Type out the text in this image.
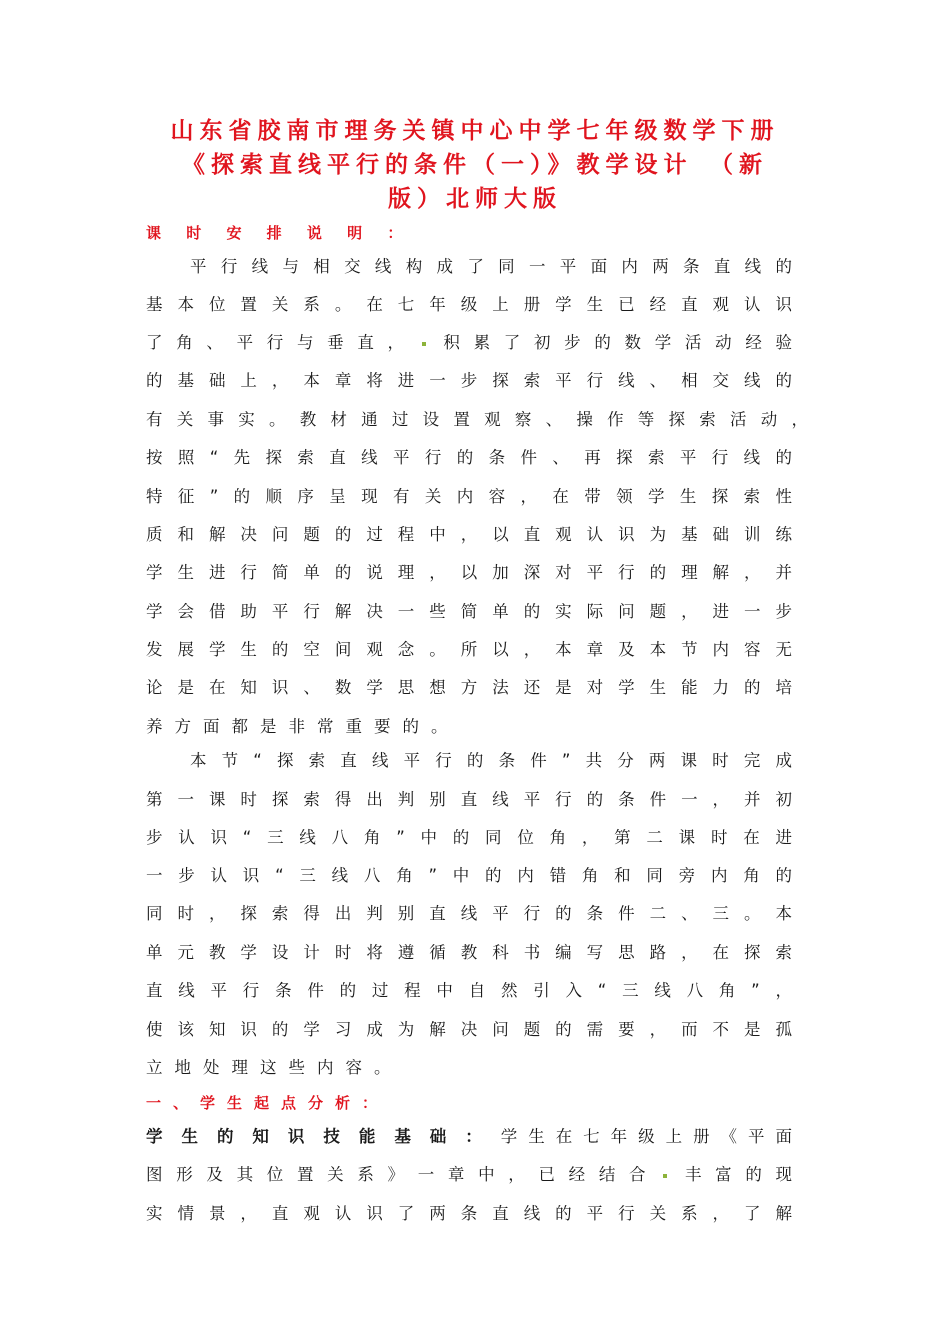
山东省胶南市理务关镇中心中学七年级数学下册
《探索直线平行的条件（一）》教学设计　（新
版）北师大版
课 时 安 排 说 明 ：
平行线与相交线构成了同一平面内两条直线的
基本位置关系。在七年级上册学生已经直观认识
了角、平行与垂直， 积累了初步的数学活动经验
的基础上，本章将进一步探索平行线、相交线的
有关事实。教材通过设置观察、操作等探索活动，
按照“先探索直线平行的条件、再探索平行线的
特征”的顺序呈现有关内容，在带领学生探索性
质和解决问题的过程中，以直观认识为基础训练
学生进行简单的说理，以加深对平行的理解，并
学会借助平行解决一些简单的实际问题，进一步
发展学生的空间观念。所以，本章及本节内容无
论是在知识、数学思想方法还是对学生能力的培
养方面都是非常重要的。
本节“探索直线平行的条件”共分两课时完成
第一课时探索得出判别直线平行的条件一，并初
步认识“三线八角”中的同位角，第二课时在进
一步认识“三线八角”中的内错角和同旁内角的
同时，探索得出判别直线平行的条件二、三。本
单元教学设计时将遵循教科书编写思路，在探索
直线平行条件的过程中自然引入“三线八角”，
使该知识的学习成为解决问题的需要，而不是孤
立地处理这些内容。
一、学生起点分析：
学生的知识技能基础：学生在七年级上册《平面
图形及其位置关系》一章中，已经结合 丰富的现
实情景，直观认识了两条直线的平行关系，了解
